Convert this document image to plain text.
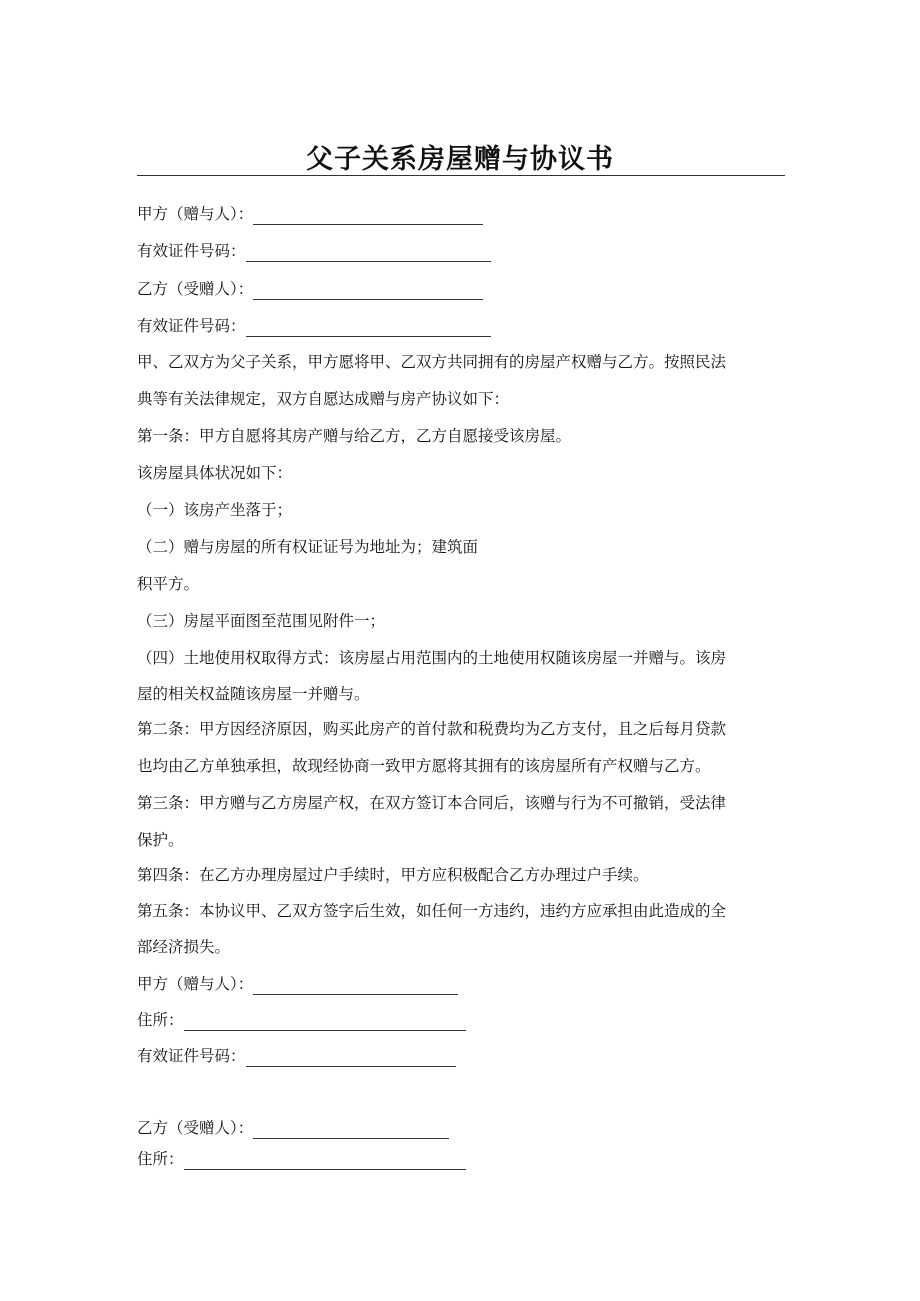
父子关系房屋赠与协议书
甲方（赠与人）：
有效证件号码：
乙方（受赠人）：
有效证件号码：
甲、乙双方为父子关系，甲方愿将甲、乙双方共同拥有的房屋产权赠与乙方。按照民法
典等有关法律规定，双方自愿达成赠与房产协议如下：
第一条：甲方自愿将其房产赠与给乙方，乙方自愿接受该房屋。
该房屋具体状况如下：
（一）该房产坐落于；
（二）赠与房屋的所有权证证号为地址为；建筑面
积平方。
（三）房屋平面图至范围见附件一；
（四）土地使用权取得方式：该房屋占用范围内的土地使用权随该房屋一并赠与。该房
屋的相关权益随该房屋一并赠与。
第二条：甲方因经济原因，购买此房产的首付款和税费均为乙方支付，且之后每月贷款
也均由乙方单独承担，故现经协商一致甲方愿将其拥有的该房屋所有产权赠与乙方。
第三条：甲方赠与乙方房屋产权，在双方签订本合同后，该赠与行为不可撤销，受法律
保护。
第四条：在乙方办理房屋过户手续时，甲方应积极配合乙方办理过户手续。
第五条：本协议甲、乙双方签字后生效，如任何一方违约，违约方应承担由此造成的全
部经济损失。
甲方（赠与人）：
住所：
有效证件号码：
乙方（受赠人）：
住所：
